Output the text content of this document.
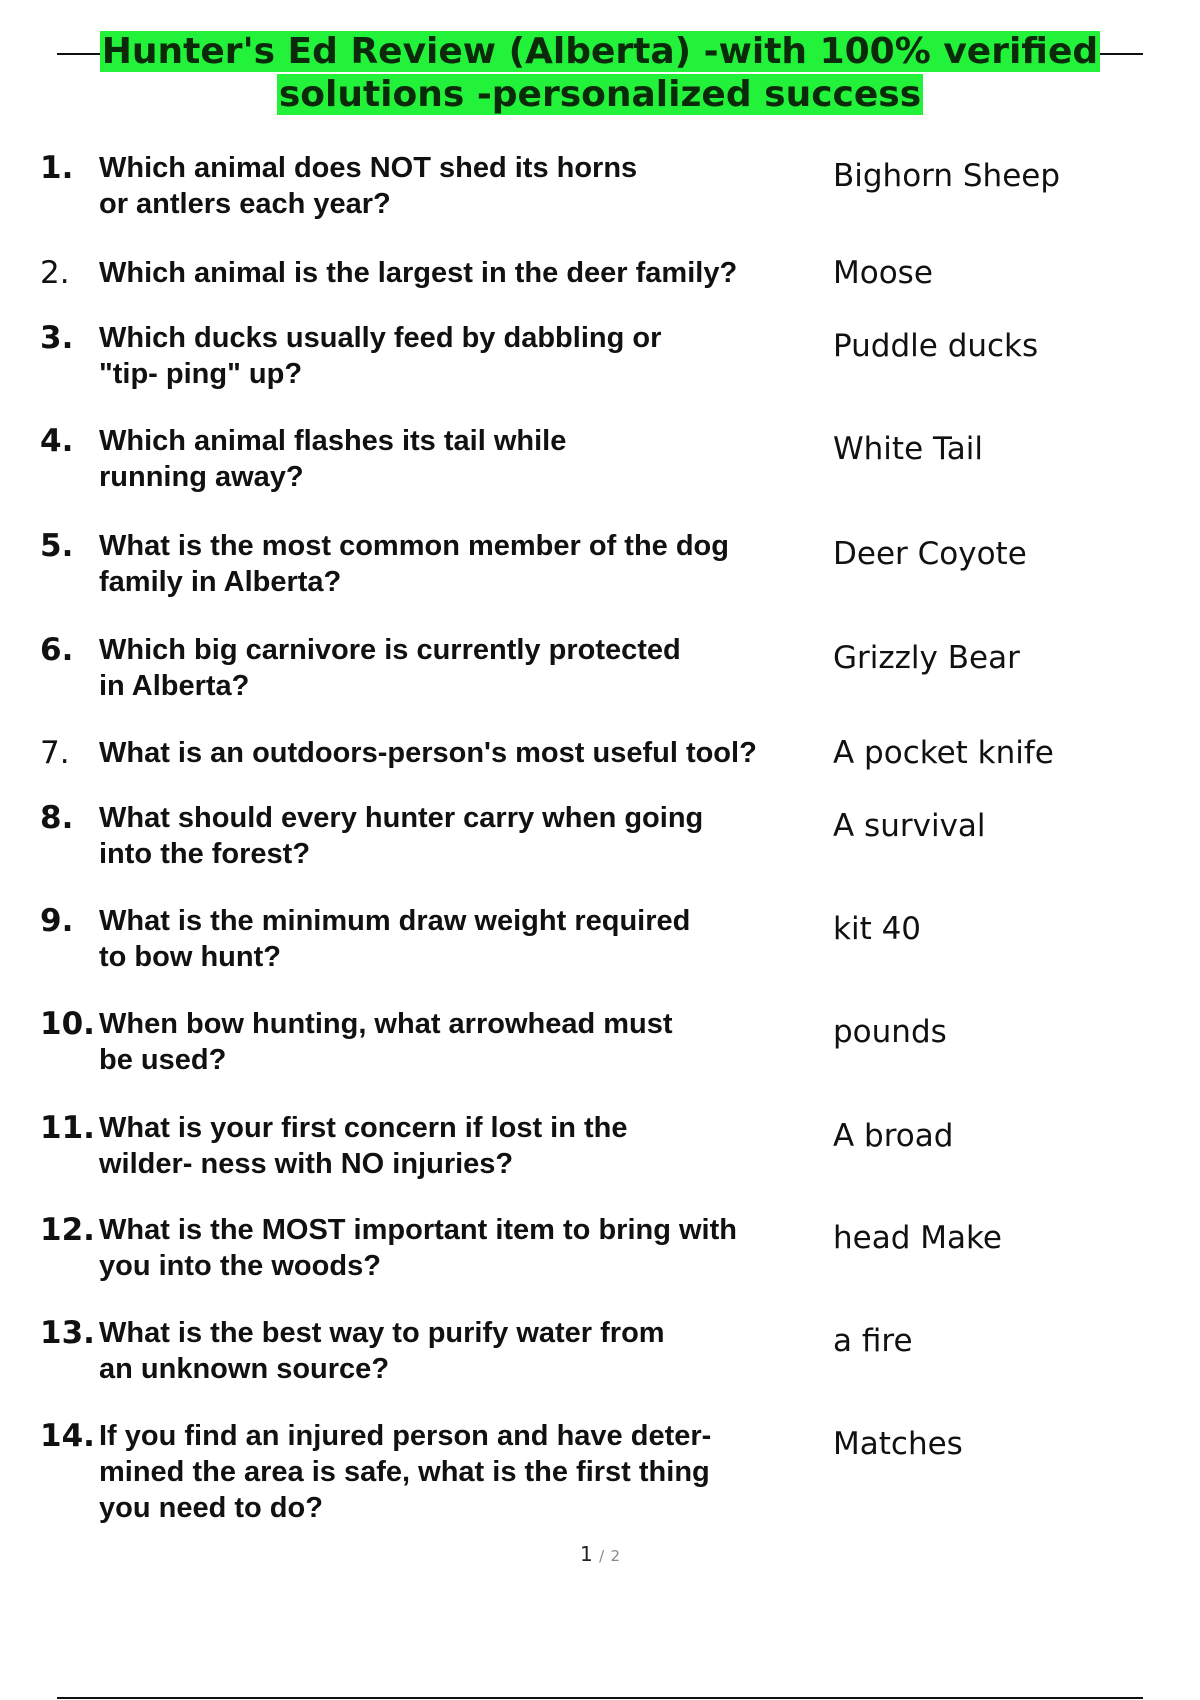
Hunter's Ed Review (Alberta) -with 100% verified
solutions -personalized success
1. Which animal does NOT shed its horns
or antlers each year?
Bighorn Sheep
2. Which animal is the largest in the deer family?	Moose
3. Which ducks usually feed by dabbling or
"tip- ping" up?
Puddle ducks
4. Which animal flashes its tail while
running away?
White Tail
5. What is the most common member of the dog
family in Alberta?
Deer Coyote
6. Which big carnivore is currently protected
in Alberta?
Grizzly Bear
7. What is an outdoors-person's most useful tool?	A pocket knife
8. What should every hunter carry when going
into the forest?
A survival
9. What is the minimum draw weight required
to bow hunt?
kit 40
10. When bow hunting, what arrowhead must
be used?
pounds
11. What is your first concern if lost in the
wilder- ness with NO injuries?
A broad
12. What is the MOST important item to bring with
you into the woods?
head Make
13. What is the best way to purify water from
an unknown source?
a fire
14. If you find an injured person and have deter-
mined the area is safe, what is the first thing
you need to do?
Matches
1 / 2
